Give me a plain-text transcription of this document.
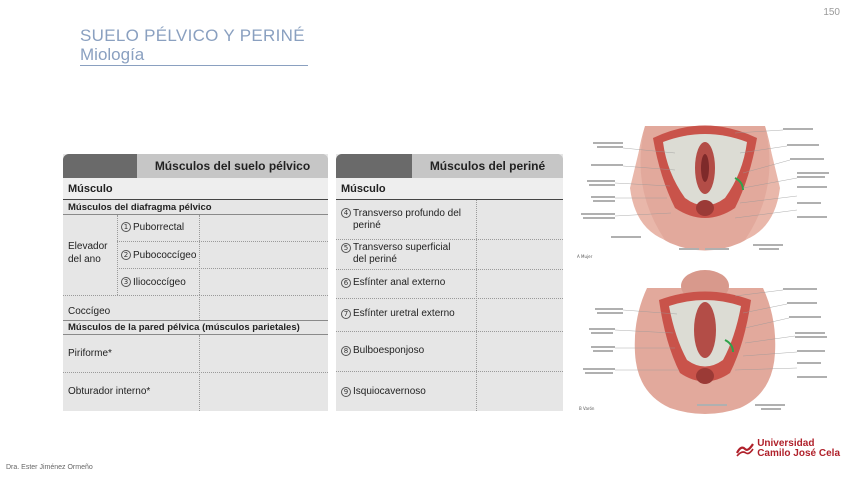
150
SUELO PÉLVICO Y PERINÉ
Miología
Músculos del suelo pélvico
Músculo
Músculos del diafragma pélvico
Elevador del ano
1 Puborrectal
2 Pubococcígeo
3 Iliococcígeo
Coccígeo
Músculos de la pared pélvica (músculos parietales)
Piriforme*
Obturador interno*
Músculos del periné
Músculo
4 Transverso profundo del periné
5 Transverso superficial del periné
6 Esfínter anal externo
7 Esfínter uretral externo
8 Bulboesponjoso
9 Isquiocavernoso
A Mujer
B Varón
Dra. Ester Jiménez Ormeño
Universidad
Camilo José Cela
